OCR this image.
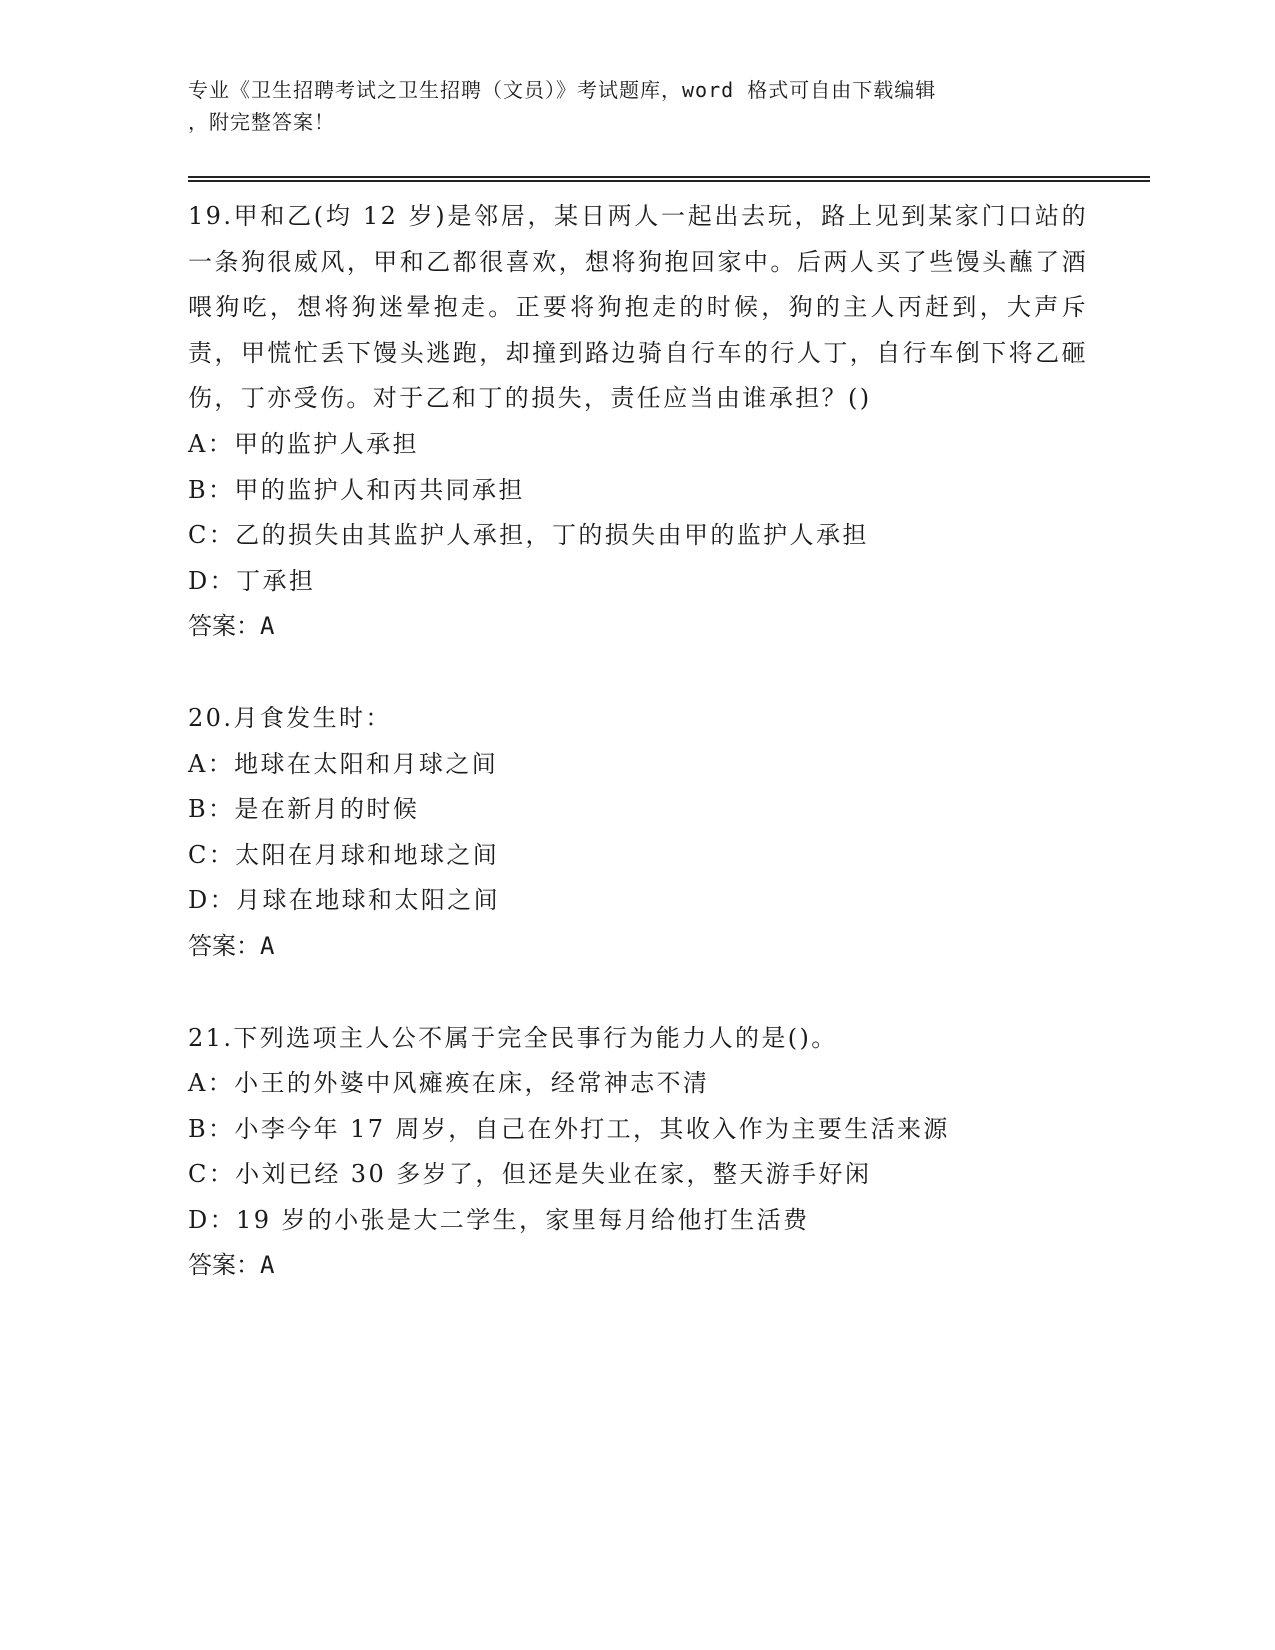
专业《卫生招聘考试之卫生招聘（文员）》考试题库，word 格式可自由下载编辑
，附完整答案！

19.甲和乙(均 12 岁)是邻居，某日两人一起出去玩，路上见到某家门口站的一条狗很威风，甲和乙都很喜欢，想将狗抱回家中。后两人买了些馒头蘸了酒喂狗吃，想将狗迷晕抱走。正要将狗抱走的时候，狗的主人丙赶到，大声斥责，甲慌忙丢下馒头逃跑，却撞到路边骑自行车的行人丁，自行车倒下将乙砸伤，丁亦受伤。对于乙和丁的损失，责任应当由谁承担？()

A：甲的监护人承担

B：甲的监护人和丙共同承担

C：乙的损失由其监护人承担，丁的损失由甲的监护人承担

D：丁承担

答案：A

20.月食发生时：

A：地球在太阳和月球之间

B：是在新月的时候

C：太阳在月球和地球之间

D：月球在地球和太阳之间

答案：A

21.下列选项主人公不属于完全民事行为能力人的是()。

A：小王的外婆中风瘫痪在床，经常神志不清

B：小李今年 17 周岁，自己在外打工，其收入作为主要生活来源

C：小刘已经 30 多岁了，但还是失业在家，整天游手好闲

D：19 岁的小张是大二学生，家里每月给他打生活费

答案：A
